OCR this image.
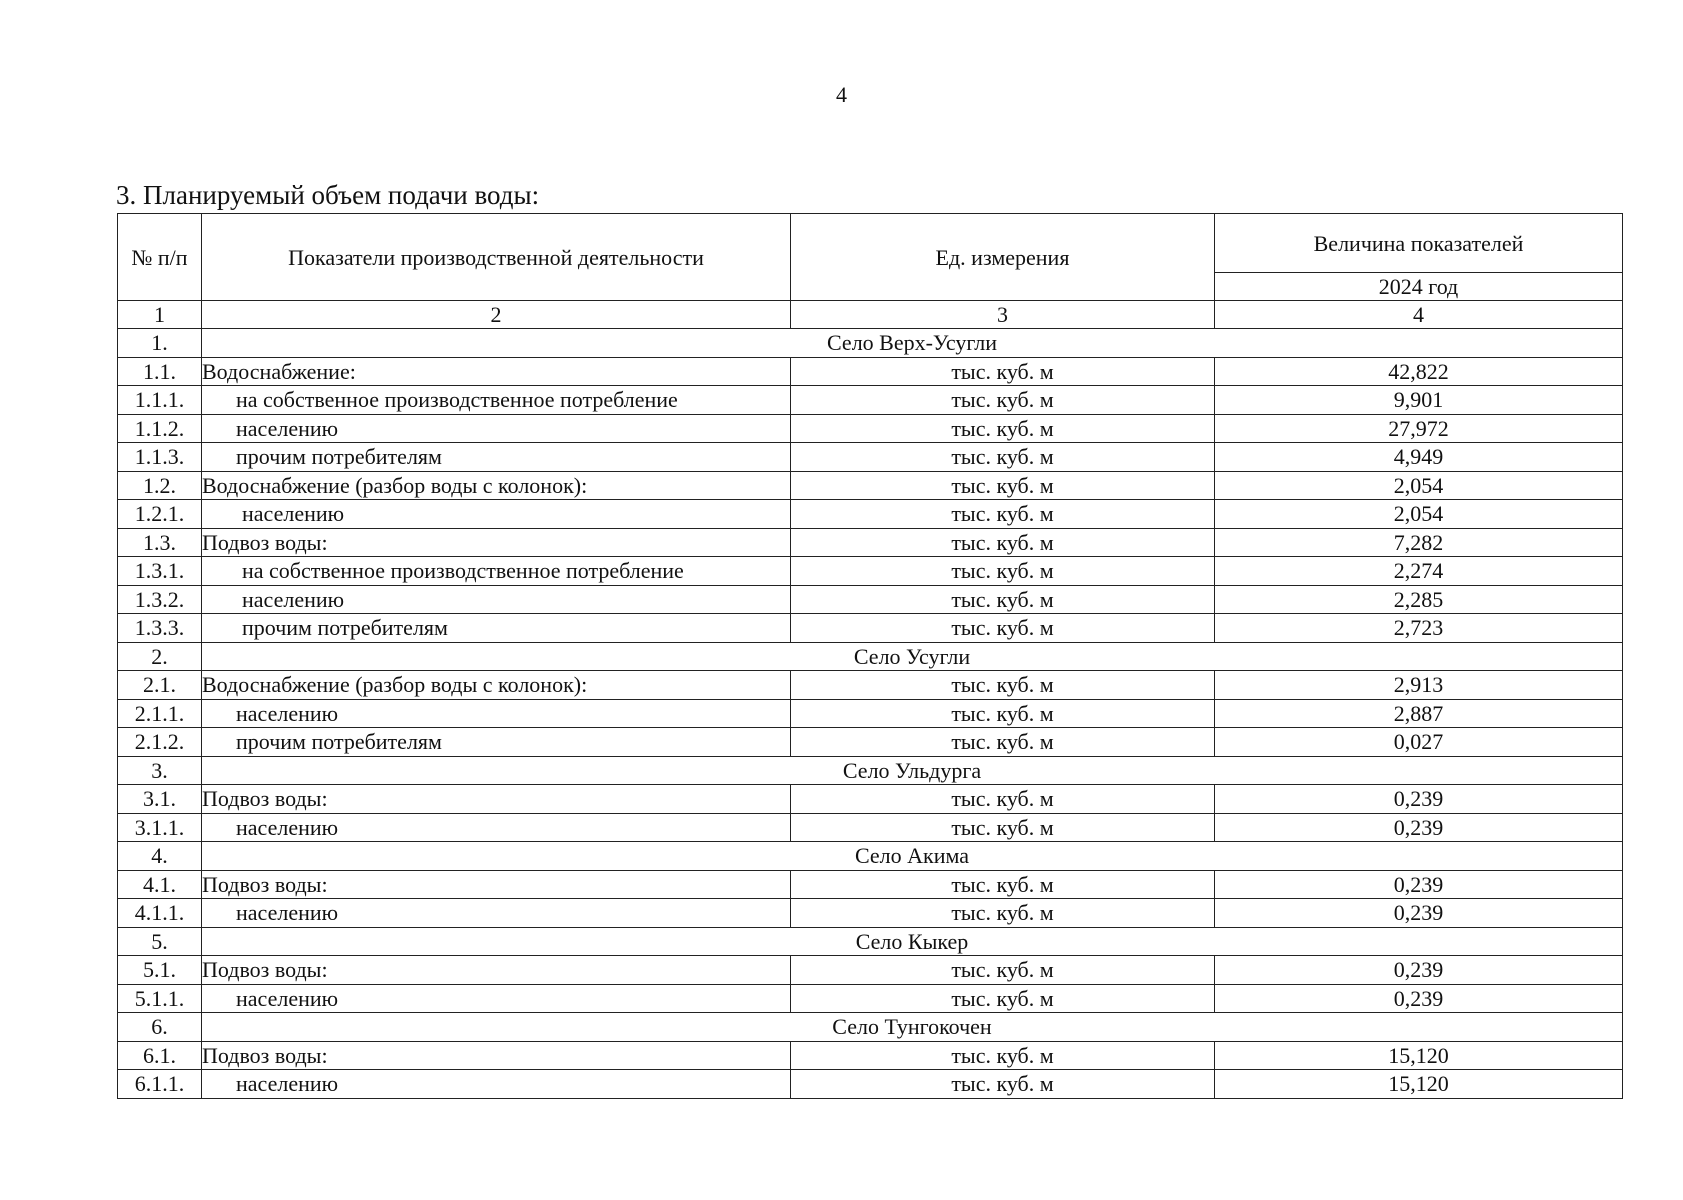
4
3. Планируемый объем подачи воды:
№ п/п	Показатели производственной деятельности	Ед. измерения	Величина показателей
			2024 год
1	2	3	4
1.	Село Верх-Усугли		
1.1.	Водоснабжение:	тыс. куб. м	42,822
1.1.1.	на собственное производственное потребление	тыс. куб. м	9,901
1.1.2.	населению	тыс. куб. м	27,972
1.1.3.	прочим потребителям	тыс. куб. м	4,949
1.2.	Водоснабжение (разбор воды с колонок):	тыс. куб. м	2,054
1.2.1.	населению	тыс. куб. м	2,054
1.3.	Подвоз воды:	тыс. куб. м	7,282
1.3.1.	на собственное производственное потребление	тыс. куб. м	2,274
1.3.2.	населению	тыс. куб. м	2,285
1.3.3.	прочим потребителям	тыс. куб. м	2,723
2.	Село Усугли		
2.1.	Водоснабжение (разбор воды с колонок):	тыс. куб. м	2,913
2.1.1.	населению	тыс. куб. м	2,887
2.1.2.	прочим потребителям	тыс. куб. м	0,027
3.	Село Ульдурга		
3.1.	Подвоз воды:	тыс. куб. м	0,239
3.1.1.	населению	тыс. куб. м	0,239
4.	Село Акима		
4.1.	Подвоз воды:	тыс. куб. м	0,239
4.1.1.	населению	тыс. куб. м	0,239
5.	Село Кыкер		
5.1.	Подвоз воды:	тыс. куб. м	0,239
5.1.1.	населению	тыс. куб. м	0,239
6.	Село Тунгокочен		
6.1.	Подвоз воды:	тыс. куб. м	15,120
6.1.1.	населению	тыс. куб. м	15,120
